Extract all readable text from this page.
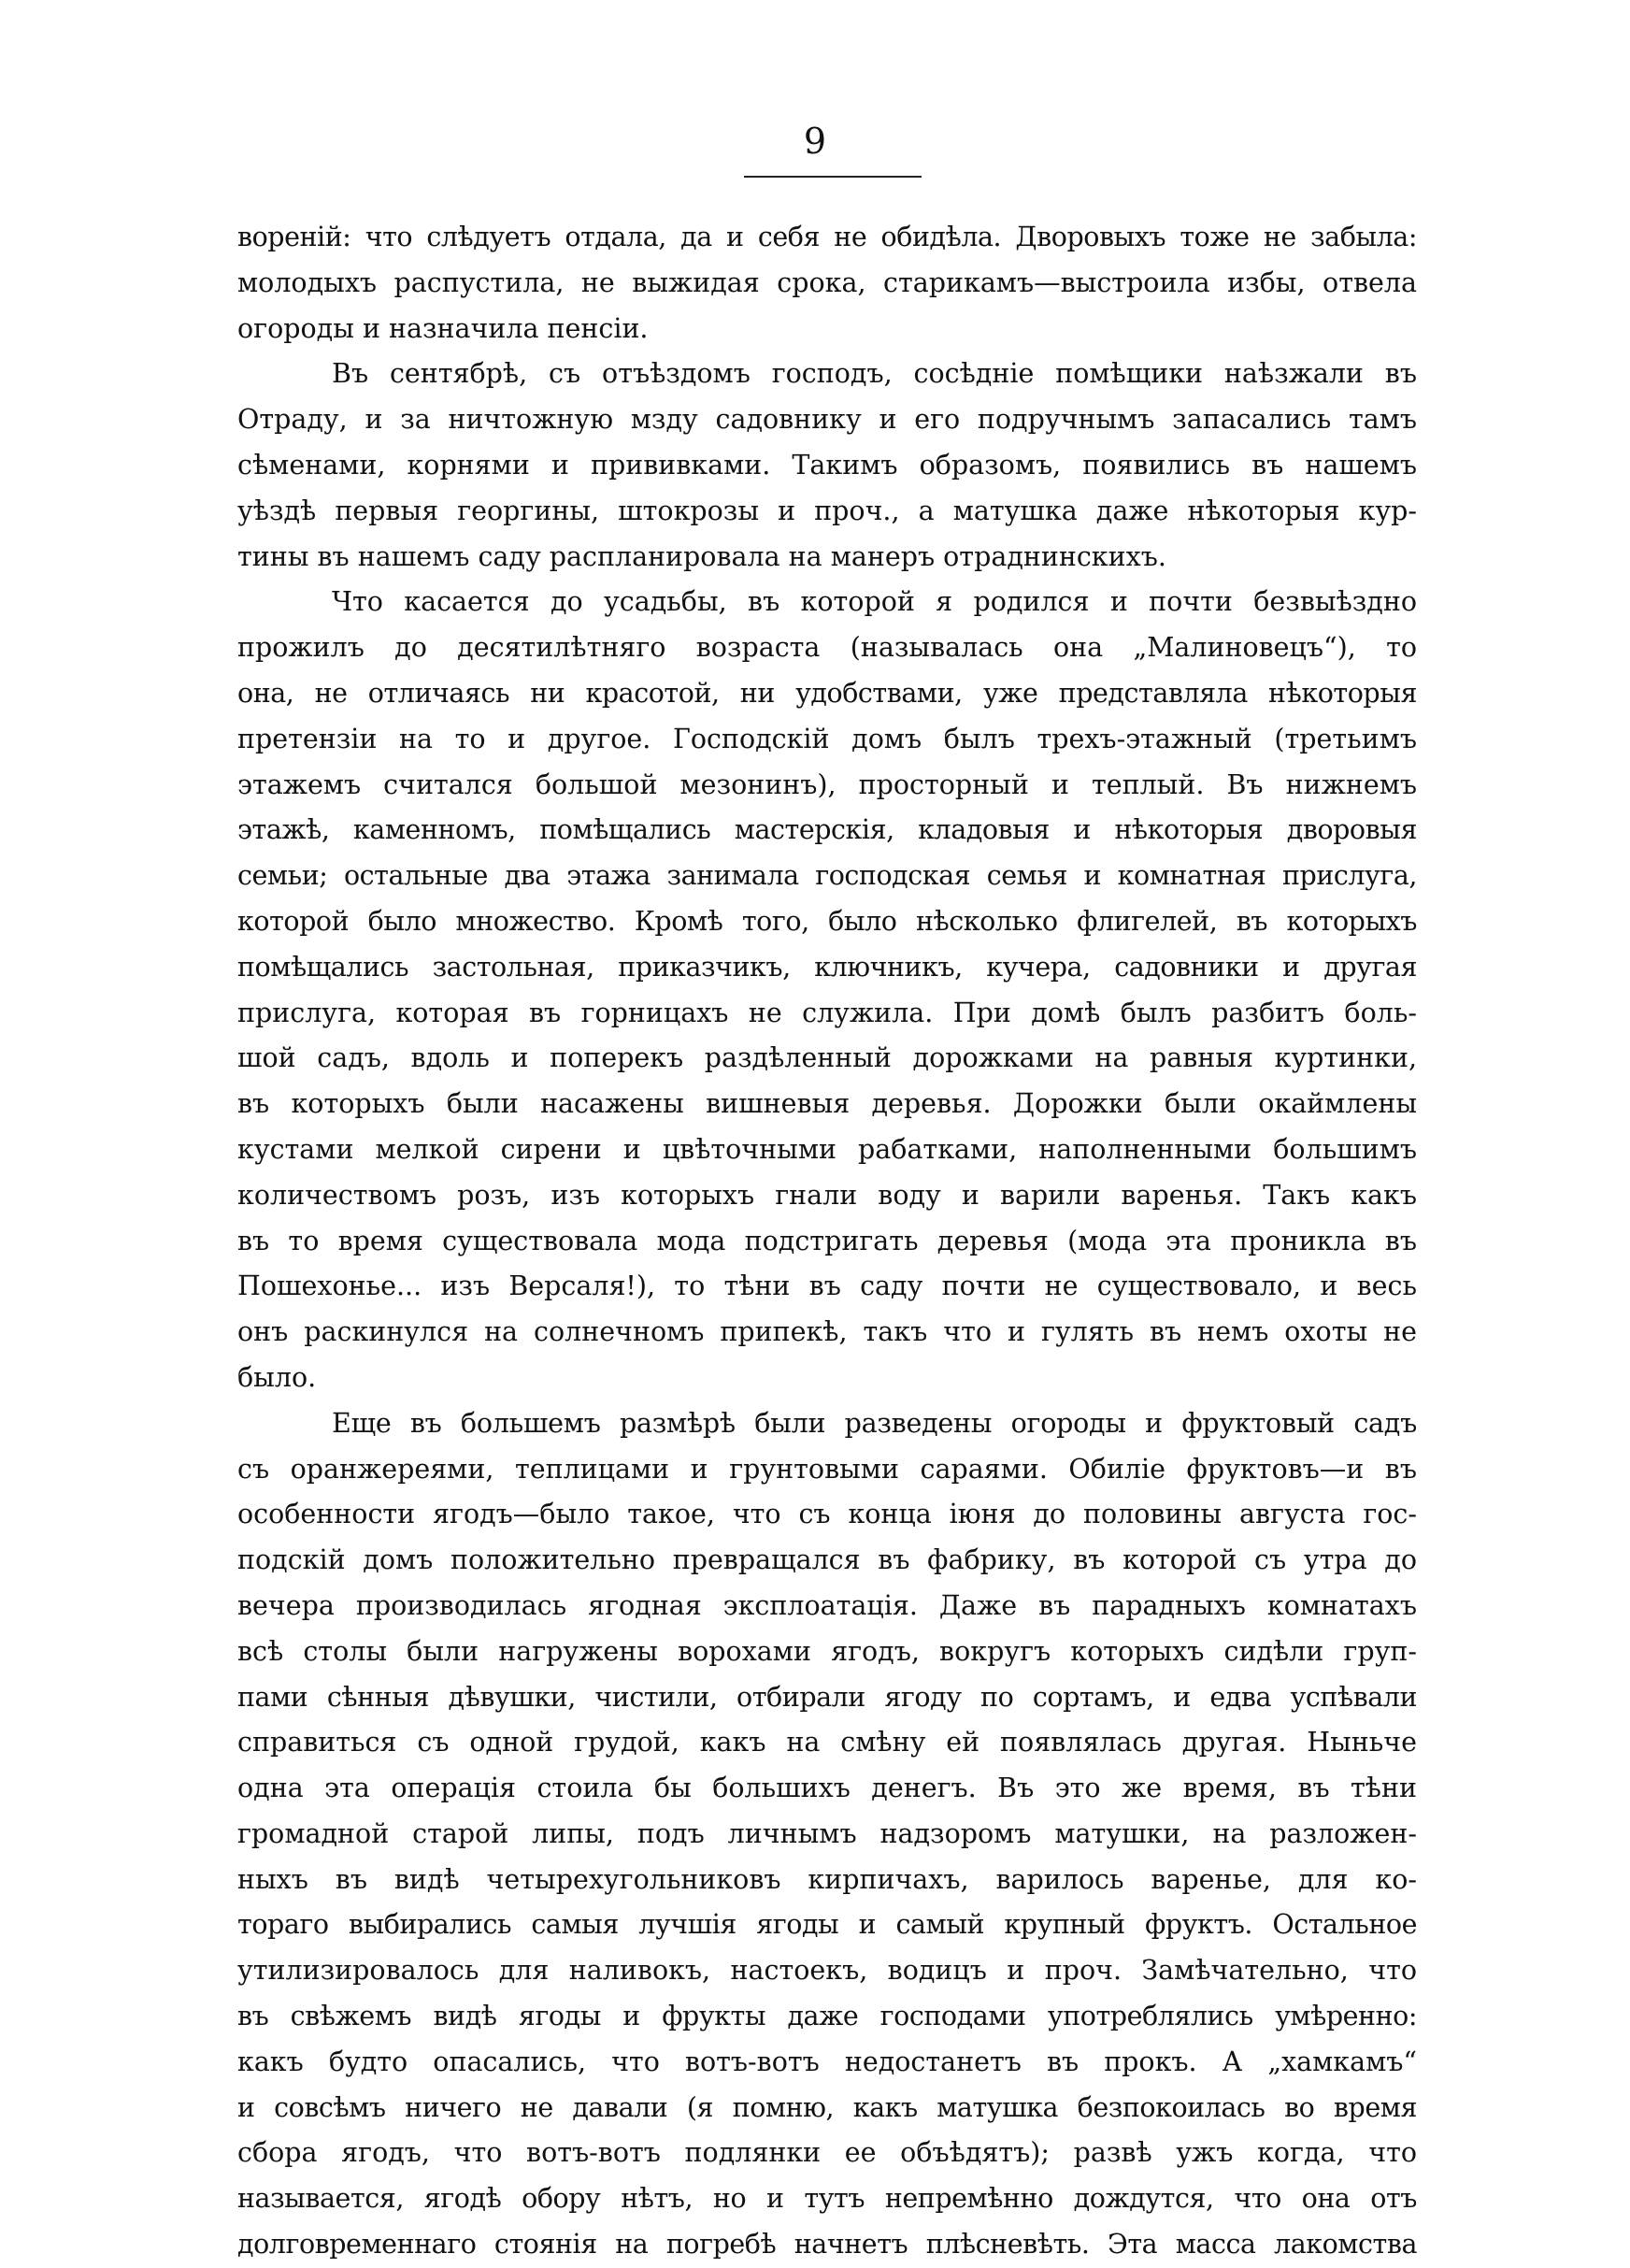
9
вореній: что слѣдуетъ отдала, да и себя не обидѣла. Дворовыхъ тоже не забыла:
молодыхъ распустила, не выжидая срока, старикамъ—выстроила избы, отвела
огороды и назначила пенсіи.
Въ сентябрѣ, съ отъѣздомъ господъ, сосѣдніе помѣщики наѣзжали въ
Отраду, и за ничтожную мзду садовнику и его подручнымъ запасались тамъ
сѣменами, корнями и прививками. Такимъ образомъ, появились въ нашемъ
уѣздѣ первыя георгины, штокрозы и проч., а матушка даже нѣкоторыя кур-
тины въ нашемъ саду распланировала на манеръ отраднинскихъ.
Что касается до усадьбы, въ которой я родился и почти безвыѣздно
прожилъ до десятилѣтняго возраста (называлась она „Малиновецъ“), то
она, не отличаясь ни красотой, ни удобствами, уже представляла нѣкоторыя
претензіи на то и другое. Господскій домъ былъ трехъ-этажный (третьимъ
этажемъ считался большой мезонинъ), просторный и теплый. Въ нижнемъ
этажѣ, каменномъ, помѣщались мастерскія, кладовыя и нѣкоторыя дворовыя
семьи; остальные два этажа занимала господская семья и комнатная прислуга,
которой было множество. Кромѣ того, было нѣсколько флигелей, въ которыхъ
помѣщались застольная, приказчикъ, ключникъ, кучера, садовники и другая
прислуга, которая въ горницахъ не служила. При домѣ былъ разбитъ боль-
шой садъ, вдоль и поперекъ раздѣленный дорожками на равныя куртинки,
въ которыхъ были насажены вишневыя деревья. Дорожки были окаймлены
кустами мелкой сирени и цвѣточными рабатками, наполненными большимъ
количествомъ розъ, изъ которыхъ гнали воду и варили варенья. Такъ какъ
въ то время существовала мода подстригать деревья (мода эта проникла въ
Пошехонье... изъ Версаля!), то тѣни въ саду почти не существовало, и весь
онъ раскинулся на солнечномъ припекѣ, такъ что и гулять въ немъ охоты не
было.
Еще въ большемъ размѣрѣ были разведены огороды и фруктовый садъ
съ оранжереями, теплицами и грунтовыми сараями. Обиліе фруктовъ—и въ
особенности ягодъ—было такое, что съ конца іюня до половины августа гос-
подскій домъ положительно превращался въ фабрику, въ которой съ утра до
вечера производилась ягодная эксплоатація. Даже въ парадныхъ комнатахъ
всѣ столы были нагружены ворохами ягодъ, вокругъ которыхъ сидѣли груп-
пами сѣнныя дѣвушки, чистили, отбирали ягоду по сортамъ, и едва успѣвали
справиться съ одной грудой, какъ на смѣну ей появлялась другая. Ныньче
одна эта операція стоила бы большихъ денегъ. Въ это же время, въ тѣни
громадной старой липы, подъ личнымъ надзоромъ матушки, на разложен-
ныхъ въ видѣ четырехугольниковъ кирпичахъ, варилось варенье, для ко-
тораго выбирались самыя лучшія ягоды и самый крупный фруктъ. Остальное
утилизировалось для наливокъ, настоекъ, водицъ и проч. Замѣчательно, что
въ свѣжемъ видѣ ягоды и фрукты даже господами употреблялись умѣренно:
какъ будто опасались, что вотъ-вотъ недостанетъ въ прокъ. А „хамкамъ“
и совсѣмъ ничего не давали (я помню, какъ матушка безпокоилась во время
сбора ягодъ, что вотъ-вотъ подлянки ее объѣдятъ); развѣ ужъ когда, что
называется, ягодѣ обору нѣтъ, но и тутъ непремѣнно дождутся, что она отъ
долговременнаго стоянія на погребѣ начнетъ плѣсневѣть. Эта масса лакомства
